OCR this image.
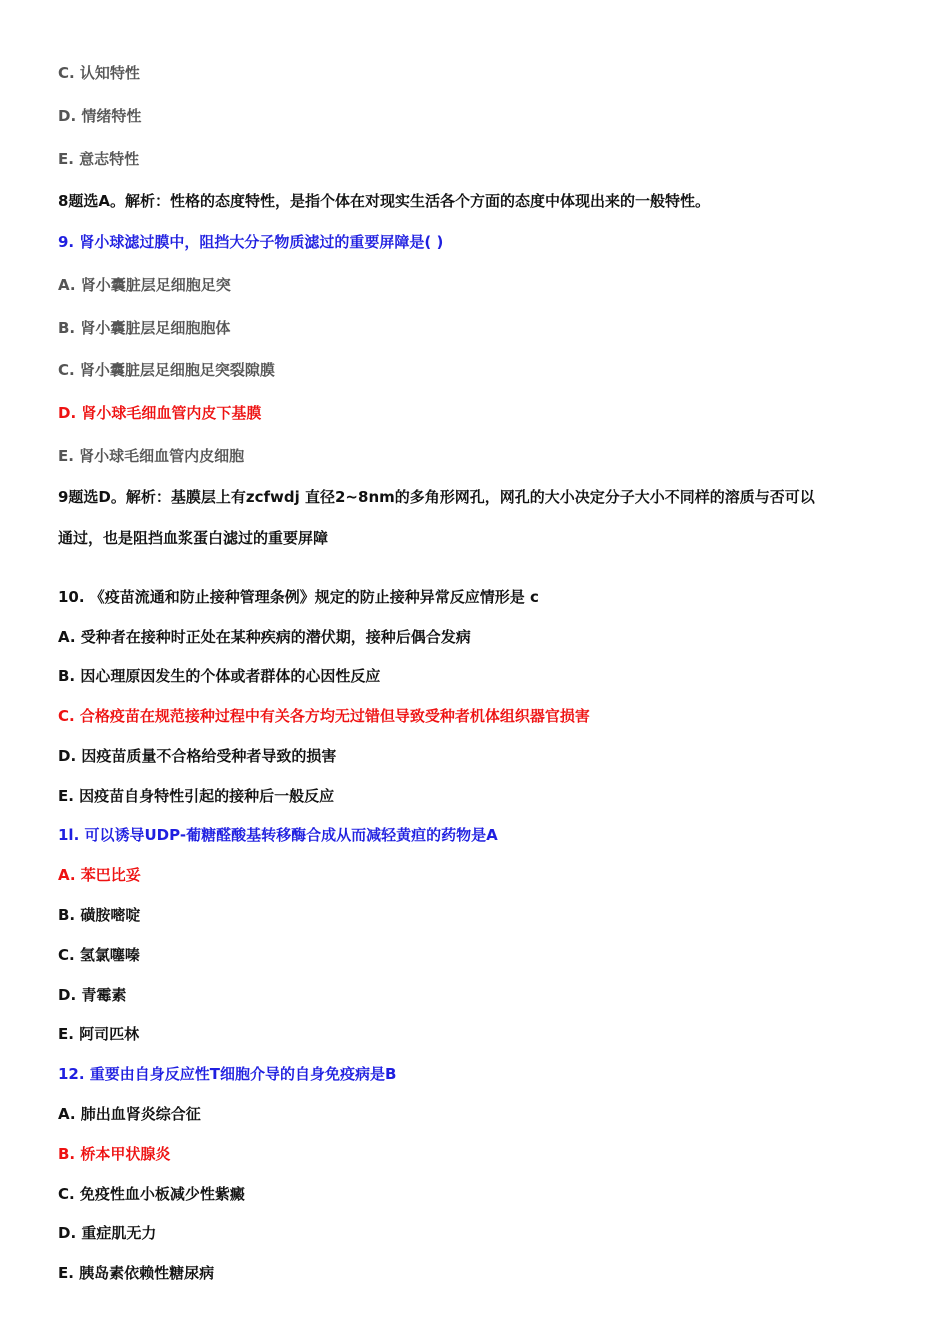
C. 认知特性
D. 情绪特性
E. 意志特性
8题选A。解析：性格的态度特性，是指个体在对现实生活各个方面的态度中体现出来的一般特性。
9. 肾小球滤过膜中，阻挡大分子物质滤过的重要屏障是( )
A. 肾小囊脏层足细胞足突
B. 肾小囊脏层足细胞胞体
C. 肾小囊脏层足细胞足突裂隙膜
D. 肾小球毛细血管内皮下基膜
E. 肾小球毛细血管内皮细胞
9题选D。解析：基膜层上有zcfwdj 直径2~8nm的多角形网孔，网孔的大小决定分子大小不同样的溶质与否可以
通过，也是阻挡血浆蛋白滤过的重要屏障
10. 《疫苗流通和防止接种管理条例》规定的防止接种异常反应情形是 c
A. 受种者在接种时正处在某种疾病的潜伏期，接种后偶合发病
B. 因心理原因发生的个体或者群体的心因性反应
C. 合格疫苗在规范接种过程中有关各方均无过错但导致受种者机体组织器官损害
D. 因疫苗质量不合格给受种者导致的损害
E. 因疫苗自身特性引起的接种后一般反应
1l. 可以诱导UDP-葡糖醛酸基转移酶合成从而减轻黄疸的药物是A
A. 苯巴比妥
B. 磺胺嘧啶
C. 氢氯噻嗪
D. 青霉素
E. 阿司匹林
12. 重要由自身反应性T细胞介导的自身免疫病是B
A. 肺出血肾炎综合征
B. 桥本甲状腺炎
C. 免疫性血小板减少性紫癜
D. 重症肌无力
E. 胰岛素依赖性糖尿病
